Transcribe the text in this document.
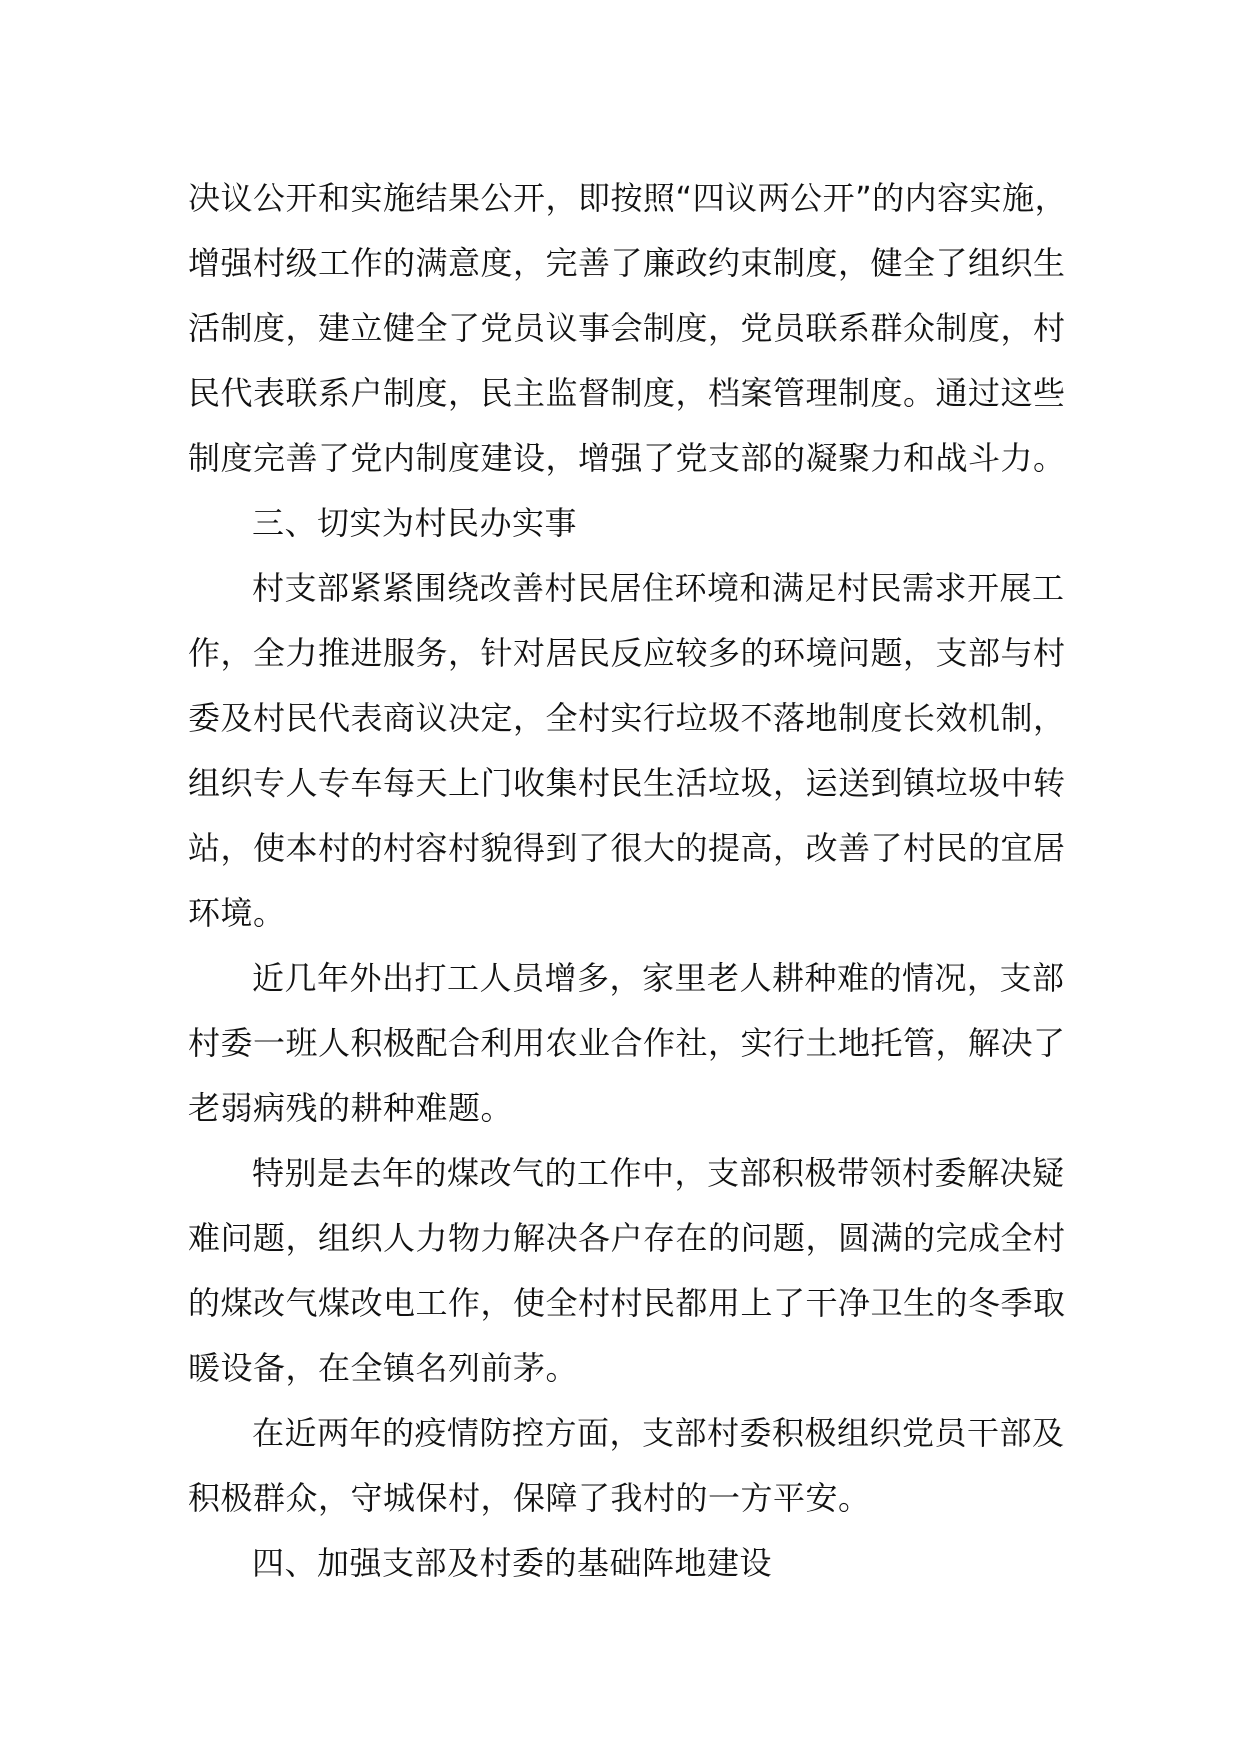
决议公开和实施结果公开，即按照“四议两公开”的内容实施，
增强村级工作的满意度，完善了廉政约束制度，健全了组织生
活制度，建立健全了党员议事会制度，党员联系群众制度，村
民代表联系户制度，民主监督制度，档案管理制度。通过这些
制度完善了党内制度建设，增强了党支部的凝聚力和战斗力。
三、切实为村民办实事
村支部紧紧围绕改善村民居住环境和满足村民需求开展工
作，全力推进服务，针对居民反应较多的环境问题，支部与村
委及村民代表商议决定，全村实行垃圾不落地制度长效机制，
组织专人专车每天上门收集村民生活垃圾，运送到镇垃圾中转
站，使本村的村容村貌得到了很大的提高，改善了村民的宜居
环境。
近几年外出打工人员增多，家里老人耕种难的情况，支部
村委一班人积极配合利用农业合作社，实行土地托管，解决了
老弱病残的耕种难题。
特别是去年的煤改气的工作中，支部积极带领村委解决疑
难问题，组织人力物力解决各户存在的问题，圆满的完成全村
的煤改气煤改电工作，使全村村民都用上了干净卫生的冬季取
暖设备，在全镇名列前茅。
在近两年的疫情防控方面，支部村委积极组织党员干部及
积极群众，守城保村，保障了我村的一方平安。
四、加强支部及村委的基础阵地建设
